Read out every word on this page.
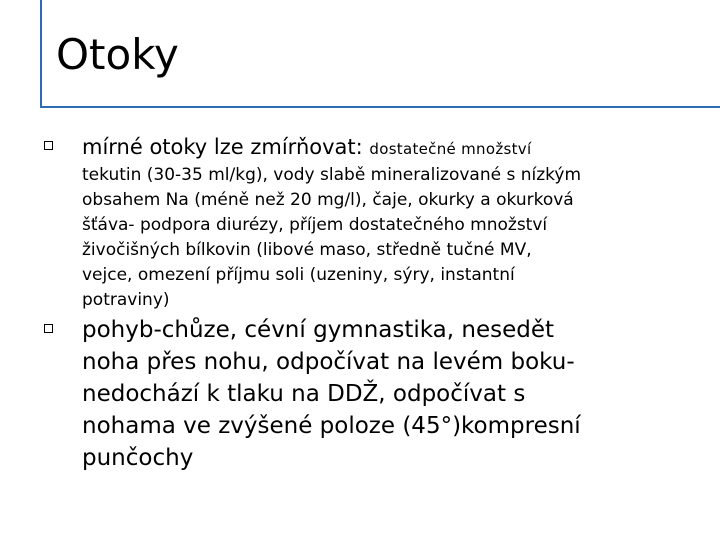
Otoky
mírné otoky lze zmírňovat: dostatečné množství
tekutin (30-35 ml/kg), vody slabě mineralizované s nízkým
obsahem Na (méně než 20 mg/l), čaje, okurky a okurková
šťáva- podpora diurézy, příjem dostatečného množství
živočišných bílkovin (libové maso, středně tučné MV,
vejce, omezení příjmu soli (uzeniny, sýry, instantní
potraviny)
pohyb-chůze, cévní gymnastika, nesedět
noha přes nohu, odpočívat na levém boku-
nedochází k tlaku na DDŽ, odpočívat s
nohama ve zvýšené poloze (45°)kompresní
punčochy
